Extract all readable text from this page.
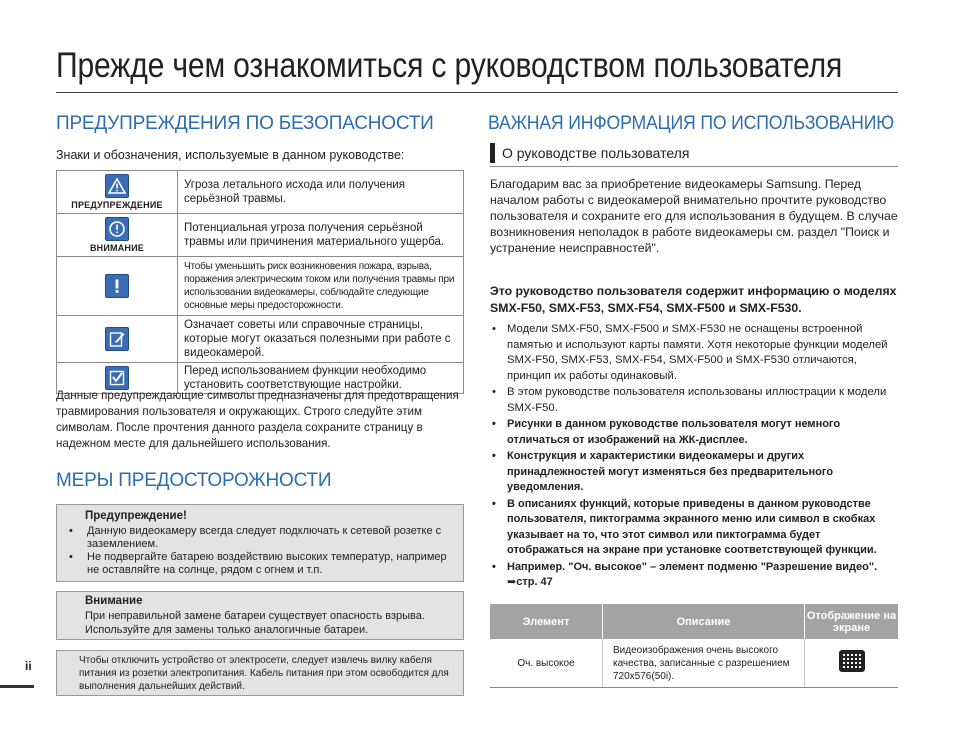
Прежде чем ознакомиться с руководством пользователя
ПРЕДУПРЕЖДЕНИЯ ПО БЕЗОПАСНОСТИ
Знаки и обозначения, используемые в данном руководстве:
ПРЕДУПРЕЖДЕНИЕ	Угроза летального исхода или получения серьёзной травмы.

ВНИМАНИЕ	Потенциальная угроза получения серьёзной травмы или причинения материального ущерба.

	Чтобы уменьшить риск возникновения пожара, взрыва, поражения электрическим током или получения травмы при использовании видеокамеры, соблюдайте следующие основные меры предосторожности.

	Означает советы или справочные страницы, которые могут оказаться полезными при работе с видеокамерой.

	Перед использованием функции необходимо установить соответствующие настройки.
Данные предупреждающие символы предназначены для предотвращения травмирования пользователя и окружающих. Строго следуйте этим символам. После прочтения данного раздела сохраните страницу в надежном месте для дальнейшего использования.
МЕРЫ ПРЕДОСТОРОЖНОСТИ
Предупреждение!
• Данную видеокамеру всегда следует подключать к сетевой розетке с заземлением.
• Не подвергайте батарею воздействию высоких температур, например не оставляйте на солнце, рядом с огнем и т.п.
Внимание
При неправильной замене батареи существует опасность взрыва. Используйте для замены только аналогичные батареи.
Чтобы отключить устройство от электросети, следует извлечь вилку кабеля питания из розетки электропитания. Кабель питания при этом освободится для выполнения дальнейших действий.
ii
ВАЖНАЯ ИНФОРМАЦИЯ ПО ИСПОЛЬЗОВАНИЮ
О руководстве пользователя
Благодарим вас за приобретение видеокамеры Samsung. Перед началом работы с видеокамерой внимательно прочтите руководство пользователя и сохраните его для использования в будущем. В случае возникновения неполадок в работе видеокамеры см. раздел "Поиск и устранение неисправностей".
Это руководство пользователя содержит информацию о моделях SMX-F50, SMX-F53, SMX-F54, SMX-F500 и SMX-F530.
• Модели SMX-F50, SMX-F500 и SMX-F530 не оснащены встроенной памятью и используют карты памяти. Хотя некоторые функции моделей SMX-F50, SMX-F53, SMX-F54, SMX-F500 и SMX-F530 отличаются, принцип их работы одинаковый.
• В этом руководстве пользователя использованы иллюстрации к модели SMX-F50.
• Рисунки в данном руководстве пользователя могут немного отличаться от изображений на ЖК-дисплее.
• Конструкция и характеристики видеокамеры и других принадлежностей могут изменяться без предварительного уведомления.
• В описаниях функций, которые приведены в данном руководстве пользователя, пиктограмма экранного меню или символ в скобках указывает на то, что этот символ или пиктограмма будет отображаться на экране при установке соответствующей функции.
• Например. "Оч. высокое" – элемент подменю "Разрешение видео". ➥стр. 47
Элемент	Описание	Отображение на экране
Оч. высокое	Видеоизображения очень высокого качества, записанные с разрешением 720x576(50i).	
